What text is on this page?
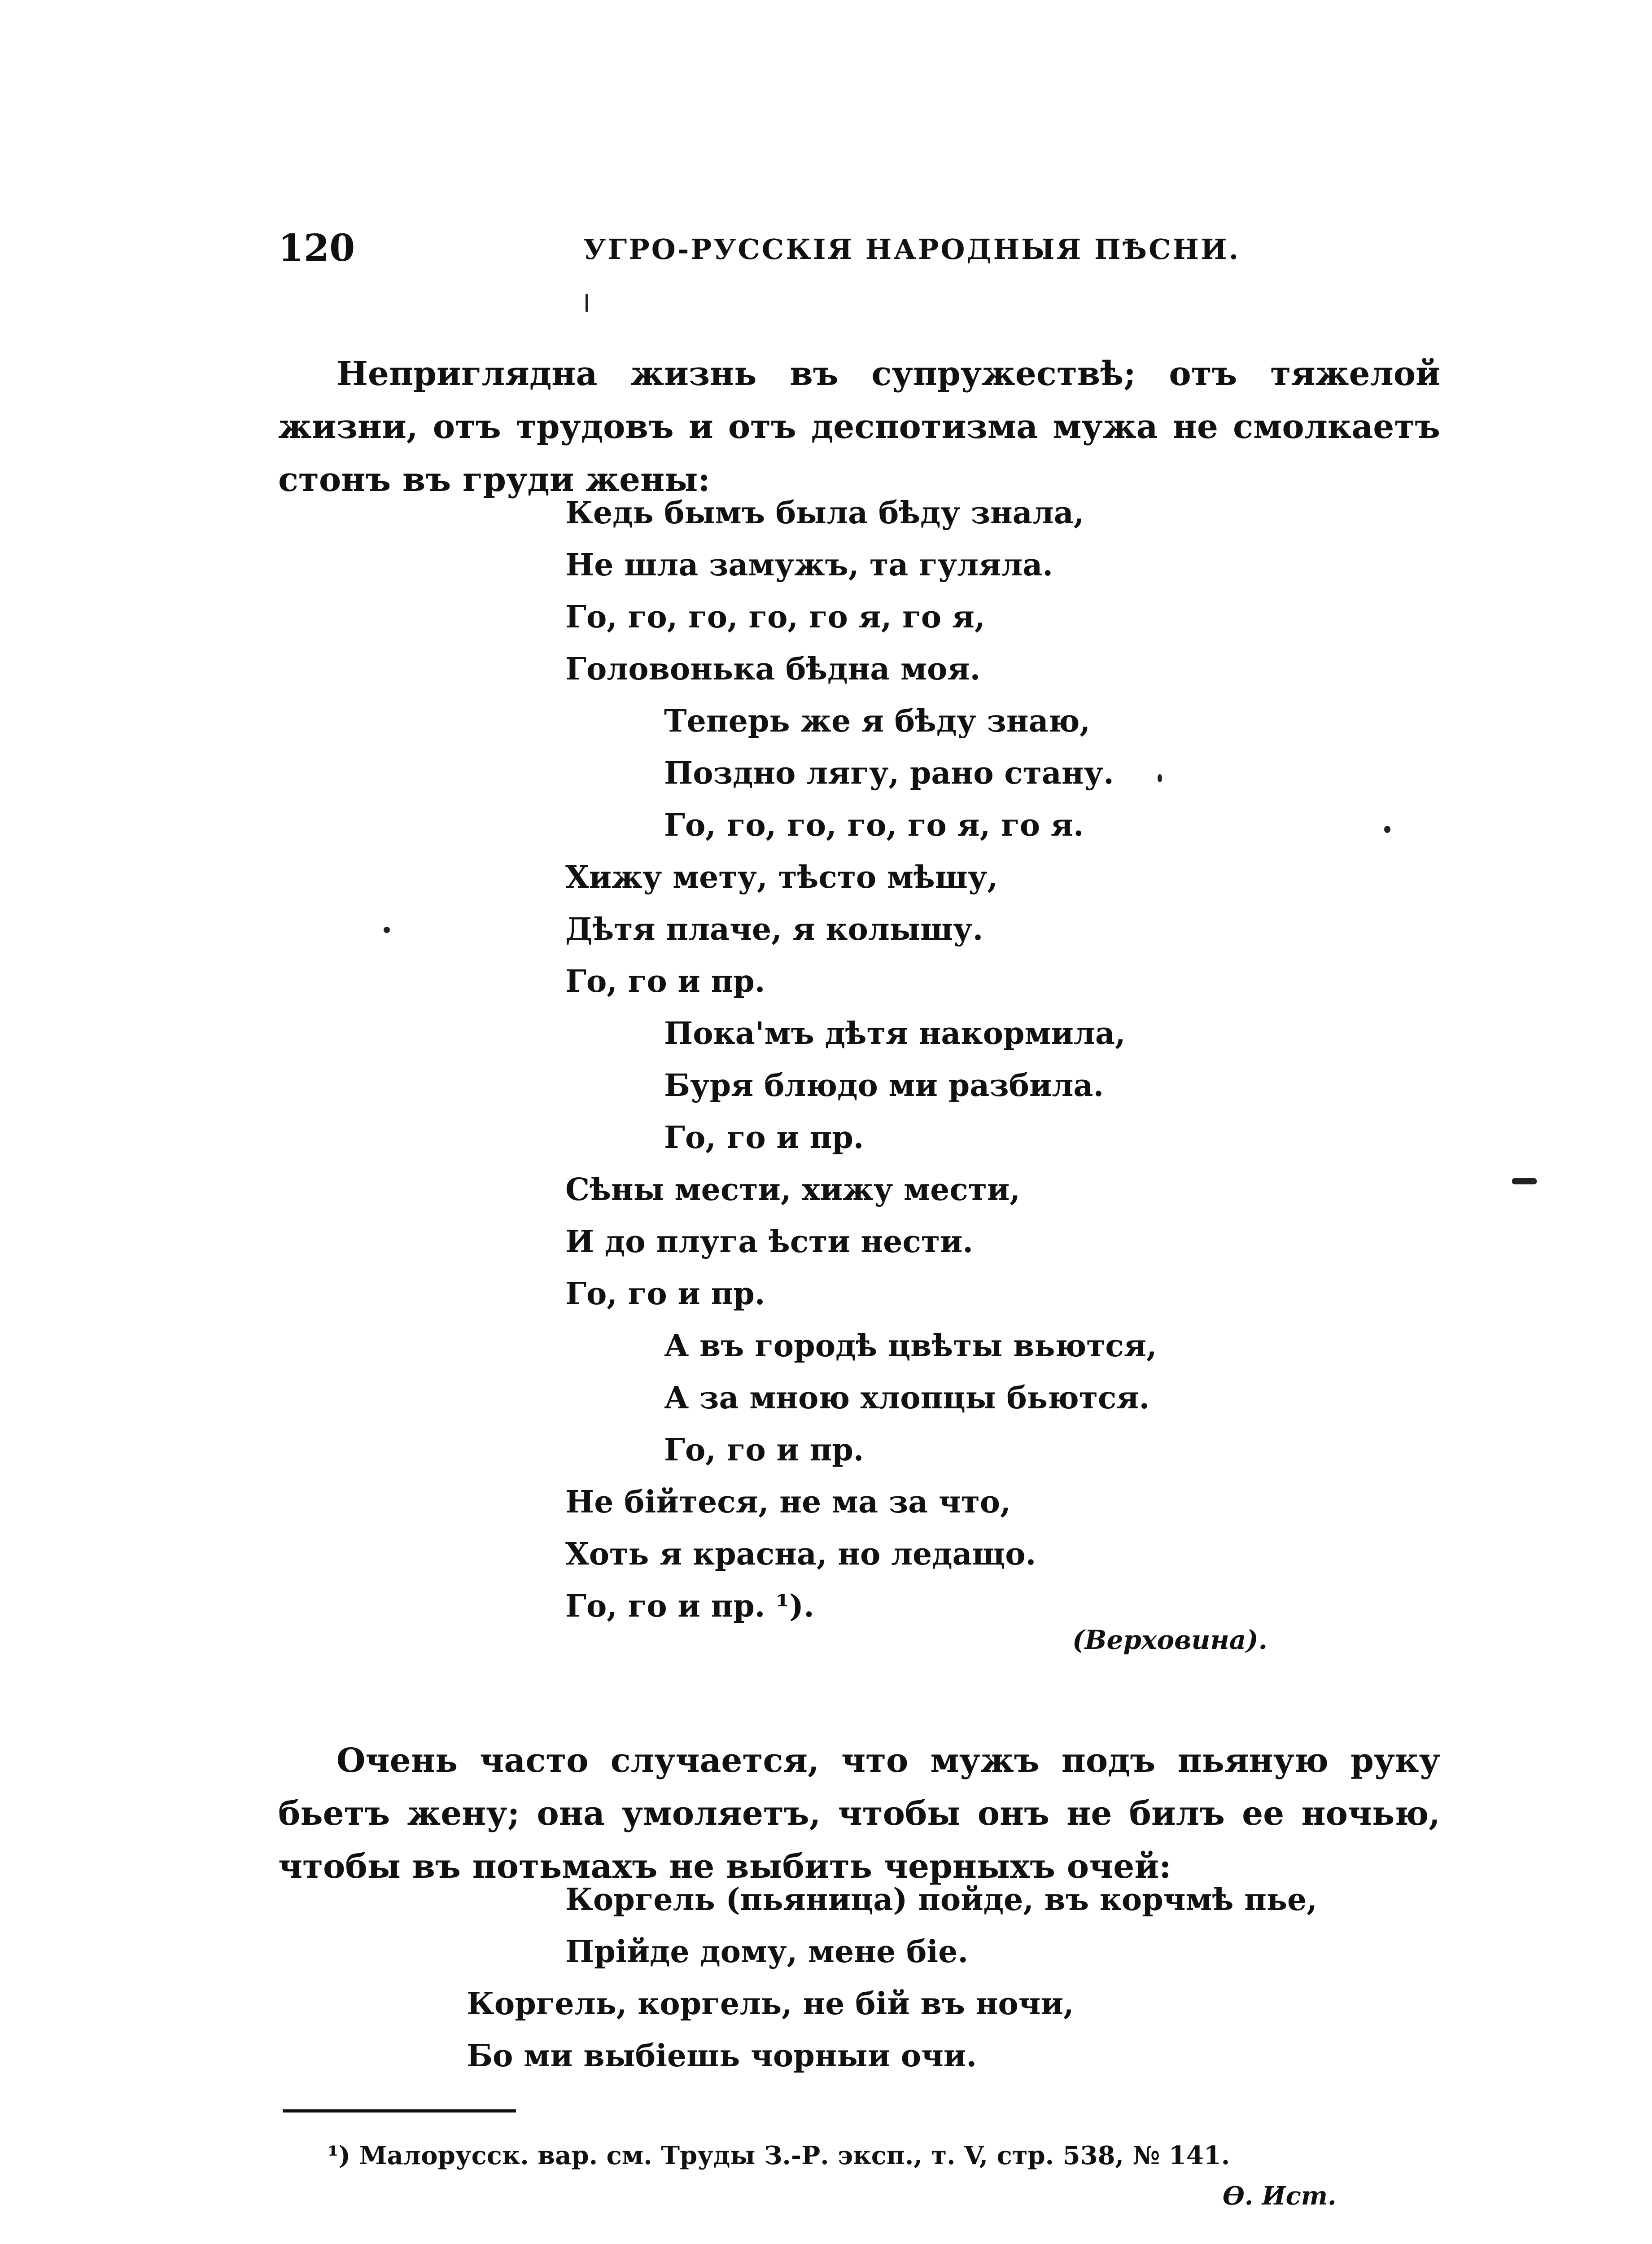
120	УГРО-РУССКІЯ НАРОДНЫЯ ПѢСНИ.

Непригляднa жизнь въ супружествѣ; отъ тяжелой жизни, отъ трудовъ и отъ деспотизма мужа не смолкаетъ стонъ въ груди жены:

Кедь бымъ была бѣду знала,
Не шла замужъ, та гуляла.
Го, го, го, го, го я, го я,
Головонька бѣдна моя.
Теперь же я бѣду знаю,
Поздно лягу, рано стану.
Го, го, го, го, го я, го я.
Хижу мету, тѣсто мѣшу,
Дѣтя плаче, я колышу.
Го, го и пр.
Пока'мъ дѣтя накормила,
Буря блюдо ми разбила.
Го, го и пр.
Сѣны мести, хижу мести,
И до плуга ѣсти нести.
Го, го и пр.
А въ городѣ цвѣты вьются,
А за мною хлопцы бьются.
Го, го и пр.
Не бійтеся, не ма за что,
Хоть я красна, но ледащо.
Го, го и пр. ¹).
(Верховина).

Очень часто случается, что мужъ подъ пьяную руку бьетъ жену; она умоляетъ, чтобы онъ не билъ ее ночью, чтобы въ потьмахъ не выбить черныхъ очей:

Коргель (пьяница) пойде, въ корчмѣ пье,
Прійде дому, мене біе.
Коргель, коргель, не бій въ ночи,
Бо ми выбіешь чорныи очи.
¹) Малорусск. вар. см. Труды З.-Р. эксп., т. V, стр. 538, № 141.
Ѳ. Ист.
